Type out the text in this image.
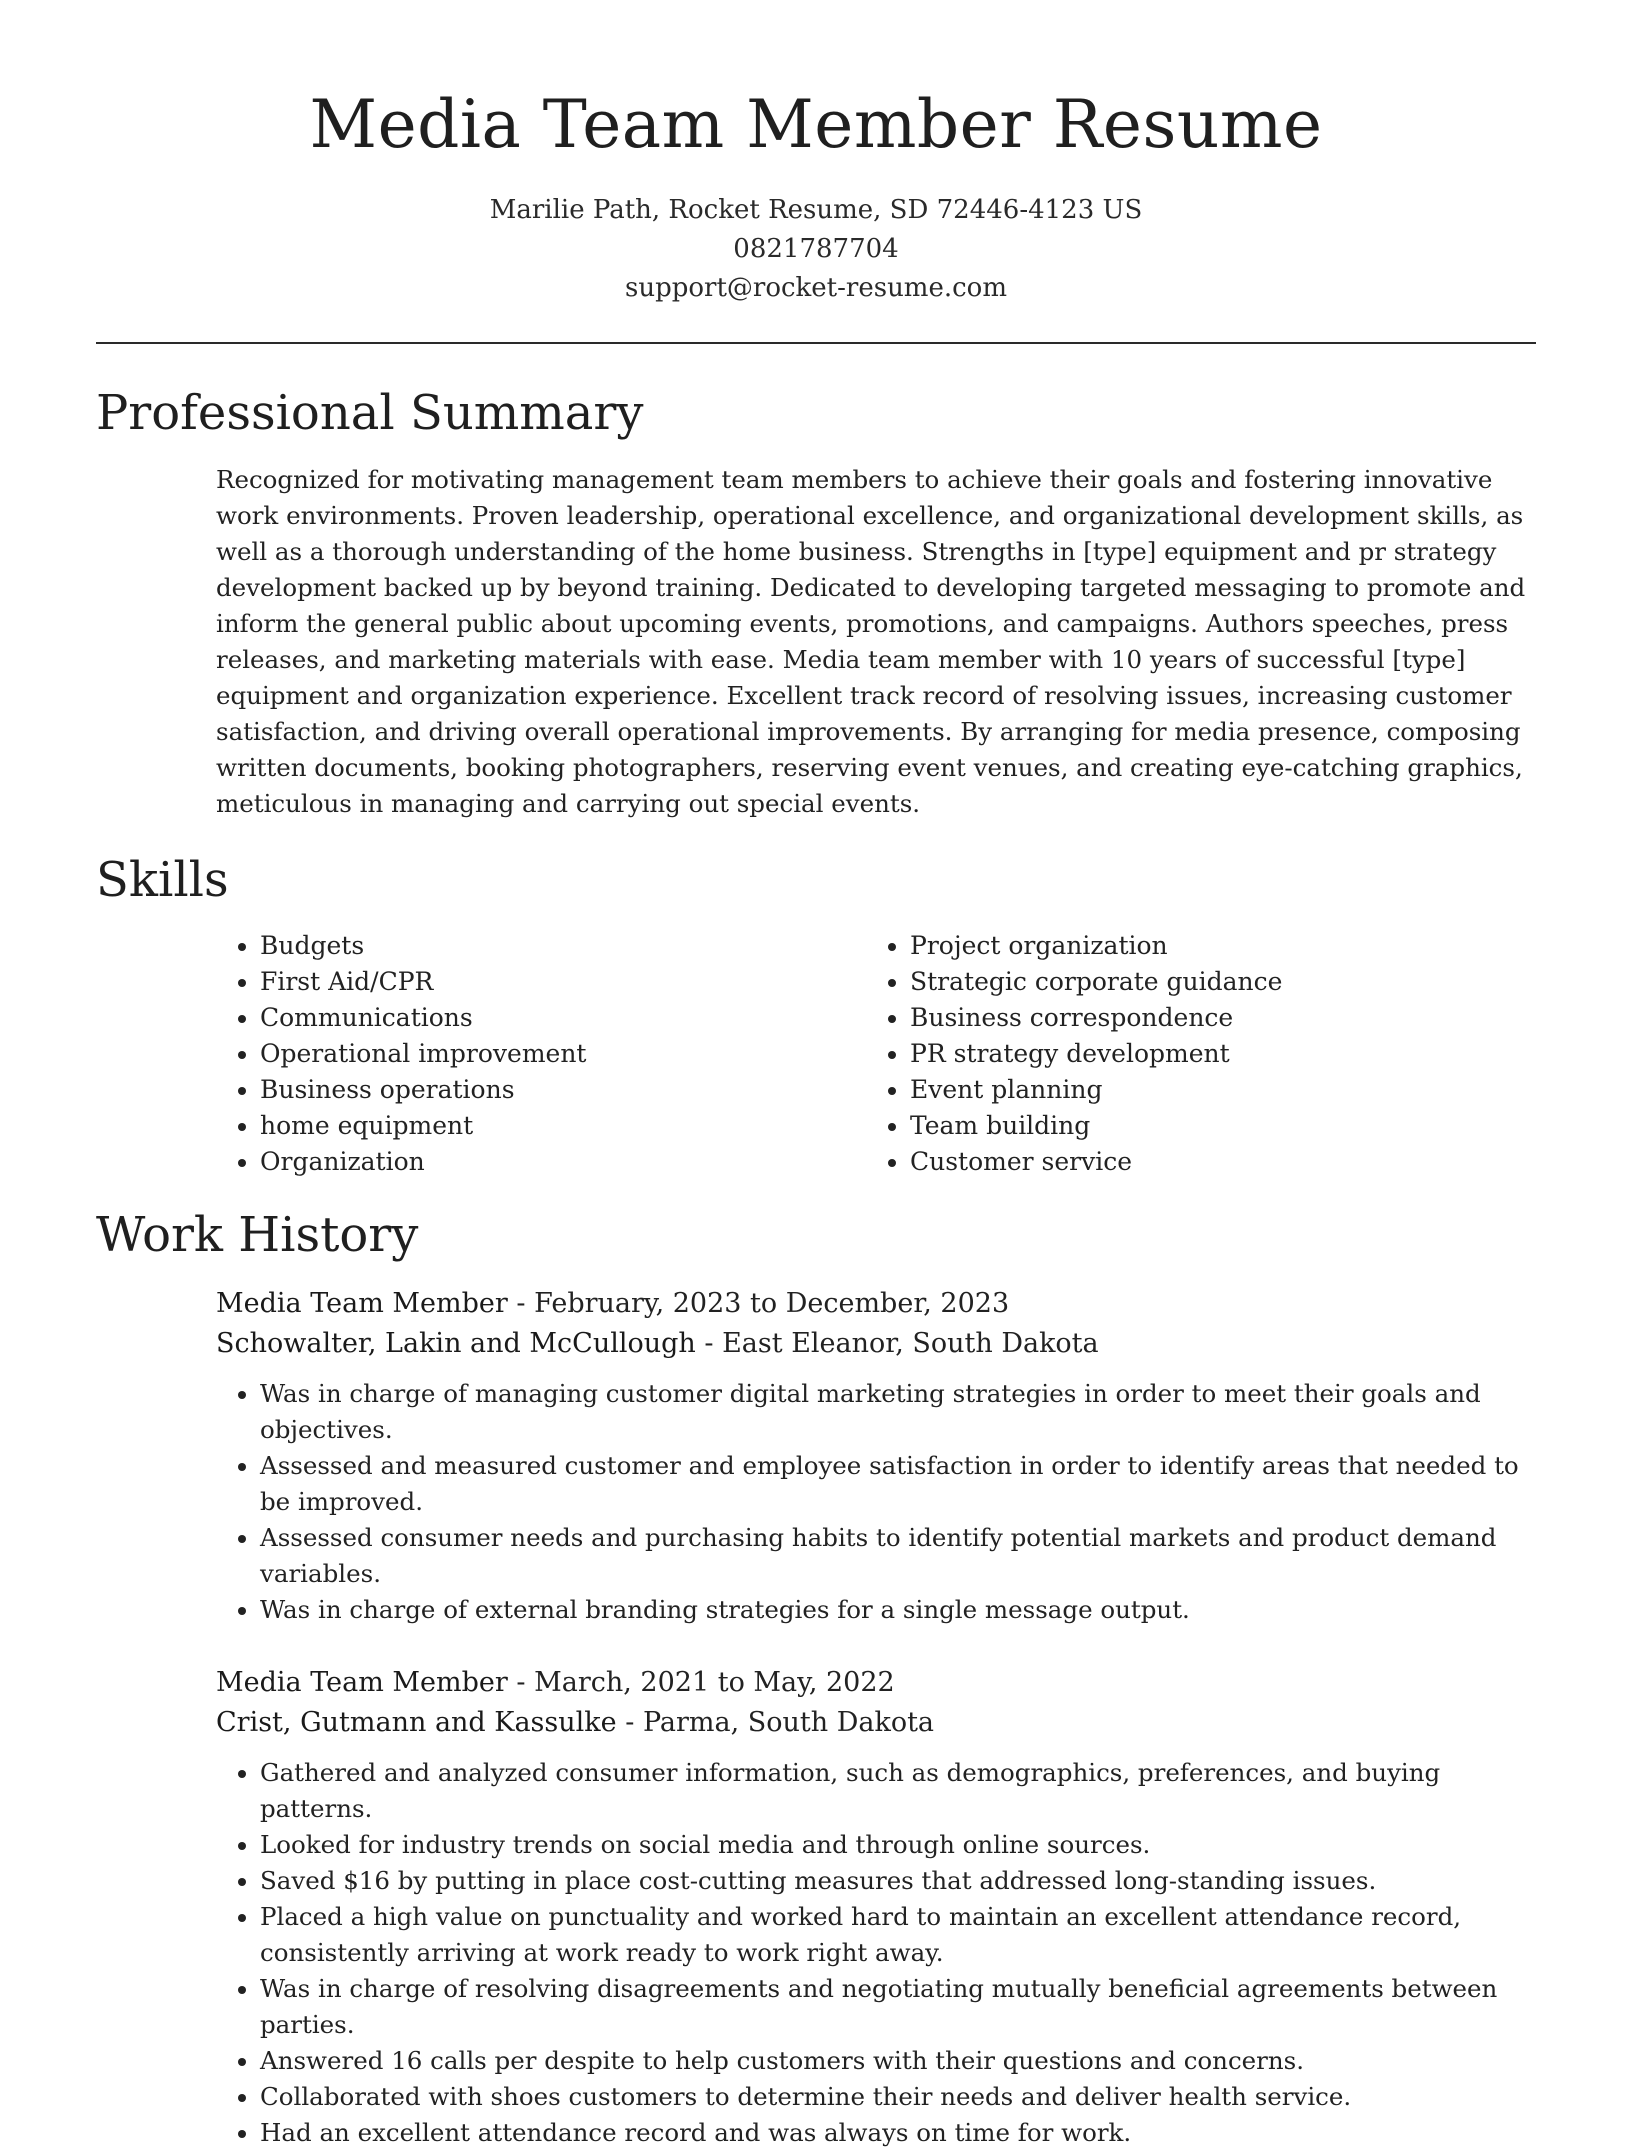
Media Team Member Resume
Marilie Path, Rocket Resume, SD 72446-4123 US
0821787704
support@rocket-resume.com
Professional Summary

Recognized for motivating management team members to achieve their goals and fostering innovative work environments. Proven leadership, operational excellence, and organizational development skills, as well as a thorough understanding of the home business. Strengths in [type] equipment and pr strategy development backed up by beyond training. Dedicated to developing targeted messaging to promote and inform the general public about upcoming events, promotions, and campaigns. Authors speeches, press releases, and marketing materials with ease. Media team member with 10 years of successful [type] equipment and organization experience. Excellent track record of resolving issues, increasing customer satisfaction, and driving overall operational improvements. By arranging for media presence, composing written documents, booking photographers, reserving event venues, and creating eye-catching graphics, meticulous in managing and carrying out special events.

Skills
• Budgets
• First Aid/CPR
• Communications
• Operational improvement
• Business operations
• home equipment
• Organization
• Project organization
• Strategic corporate guidance
• Business correspondence
• PR strategy development
• Event planning
• Team building
• Customer service
Work History
Media Team Member - February, 2023 to December, 2023
Schowalter, Lakin and McCullough - East Eleanor, South Dakota
• Was in charge of managing customer digital marketing strategies in order to meet their goals and objectives.
• Assessed and measured customer and employee satisfaction in order to identify areas that needed to be improved.
• Assessed consumer needs and purchasing habits to identify potential markets and product demand variables.
• Was in charge of external branding strategies for a single message output.
Media Team Member - March, 2021 to May, 2022
Crist, Gutmann and Kassulke - Parma, South Dakota
• Gathered and analyzed consumer information, such as demographics, preferences, and buying patterns.
• Looked for industry trends on social media and through online sources.
• Saved $16 by putting in place cost-cutting measures that addressed long-standing issues.
• Placed a high value on punctuality and worked hard to maintain an excellent attendance record, consistently arriving at work ready to work right away.
• Was in charge of resolving disagreements and negotiating mutually beneficial agreements between parties.
• Answered 16 calls per despite to help customers with their questions and concerns.
• Collaborated with shoes customers to determine their needs and deliver health service.
• Had an excellent attendance record and was always on time for work.
